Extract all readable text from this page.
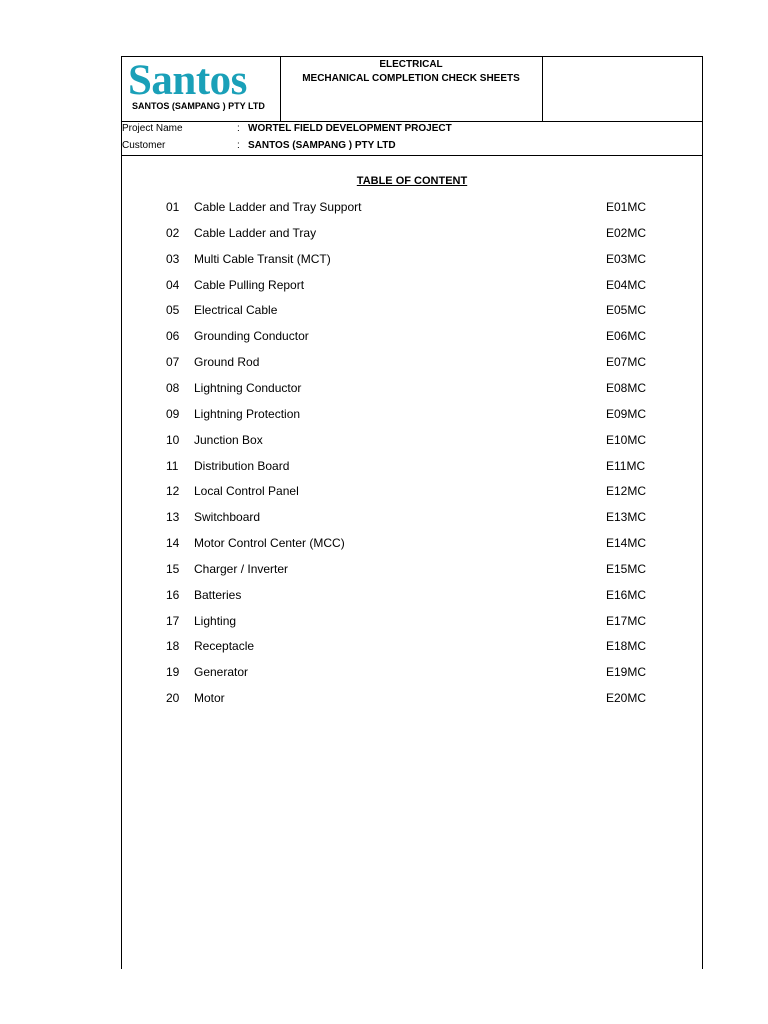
Santos
SANTOS (SAMPANG ) PTY LTD
ELECTRICAL
MECHANICAL COMPLETION CHECK SHEETS
Project Name	: WORTEL FIELD DEVELOPMENT PROJECT
Customer	: SANTOS (SAMPANG ) PTY LTD
TABLE OF CONTENT
01 Cable Ladder and Tray Support	E01MC
02 Cable Ladder and Tray	E02MC
03 Multi Cable Transit (MCT)	E03MC
04 Cable Pulling Report	E04MC
05 Electrical Cable	E05MC
06 Grounding Conductor	E06MC
07 Ground Rod	E07MC
08 Lightning Conductor	E08MC
09 Lightning Protection	E09MC
10 Junction Box	E10MC
11 Distribution Board	E11MC
12 Local Control Panel	E12MC
13 Switchboard	E13MC
14 Motor Control Center (MCC)	E14MC
15 Charger / Inverter	E15MC
16 Batteries	E16MC
17 Lighting	E17MC
18 Receptacle	E18MC
19 Generator	E19MC
20 Motor	E20MC
